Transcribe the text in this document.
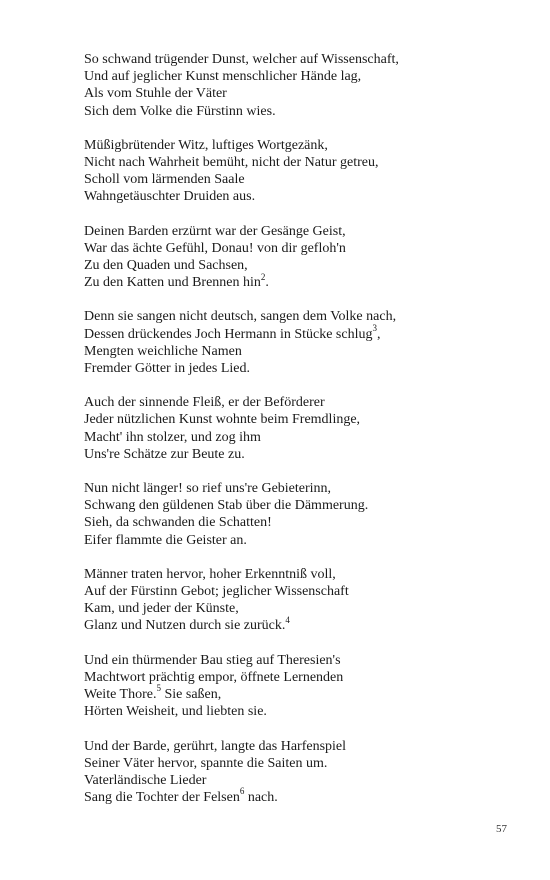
So schwand trügender Dunst, welcher auf Wissenschaft,
Und auf jeglicher Kunst menschlicher Hände lag,
Als vom Stuhle der Väter
Sich dem Volke die Fürstinn wies.
Müßigbrütender Witz, luftiges Wortgezänk,
Nicht nach Wahrheit bemüht, nicht der Natur getreu,
Scholl vom lärmenden Saale
Wahngetäuschter Druiden aus.
Deinen Barden erzürnt war der Gesänge Geist,
War das ächte Gefühl, Donau! von dir gefloh'n
Zu den Quaden und Sachsen,
Zu den Katten und Brennen hin$^2$.
Denn sie sangen nicht deutsch, sangen dem Volke nach,
Dessen drückendes Joch Hermann in Stücke schlug$^3$,
Mengten weichliche Namen
Fremder Götter in jedes Lied.
Auch der sinnende Fleiß, er der Beförderer
Jeder nützlichen Kunst wohnte beim Fremdlinge,
Macht' ihn stolzer, und zog ihm
Uns're Schätze zur Beute zu.
Nun nicht länger! so rief uns're Gebieterinn,
Schwang den güldenen Stab über die Dämmerung.
Sieh, da schwanden die Schatten!
Eifer flammte die Geister an.
Männer traten hervor, hoher Erkenntniß voll,
Auf der Fürstinn Gebot; jeglicher Wissenschaft
Kam, und jeder der Künste,
Glanz und Nutzen durch sie zurück.$^4$
Und ein thürmender Bau stieg auf Theresien's
Machtwort prächtig empor, öffnete Lernenden
Weite Thore.$^5$ Sie saßen,
Hörten Weisheit, und liebten sie.
Und der Barde, gerührt, langte das Harfenspiel
Seiner Väter hervor, spannte die Saiten um.
Vaterländische Lieder
Sang die Tochter der Felsen$^6$ nach.
57
